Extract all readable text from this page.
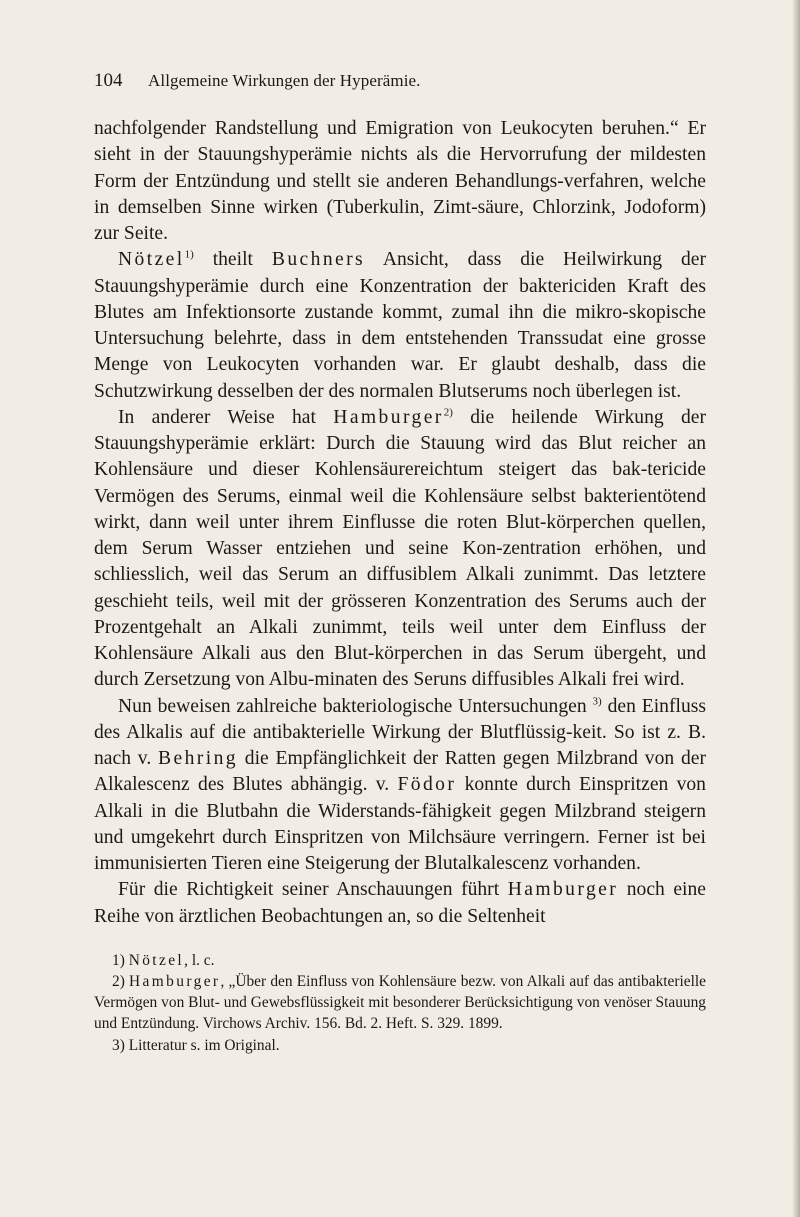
104	Allgemeine Wirkungen der Hyperämie.

nachfolgender Randstellung und Emigration von Leukocyten beruhen.“ Er sieht in der Stauungshyperämie nichts als die Hervorrufung der mildesten Form der Entzündung und stellt sie anderen Behandlungs-verfahren, welche in demselben Sinne wirken (Tuberkulin, Zimt-säure, Chlorzink, Jodoform) zur Seite.

Nötzel$^{1)}$ theilt Buchners Ansicht, dass die Heilwirkung der Stauungshyperämie durch eine Konzentration der baktericiden Kraft des Blutes am Infektionsorte zustande kommt, zumal ihn die mikro-skopische Untersuchung belehrte, dass in dem entstehenden Transsudat eine grosse Menge von Leukocyten vorhanden war. Er glaubt deshalb, dass die Schutzwirkung desselben der des normalen Blutserums noch überlegen ist.

In anderer Weise hat Hamburger$^{2)}$ die heilende Wirkung der Stauungshyperämie erklärt: Durch die Stauung wird das Blut reicher an Kohlensäure und dieser Kohlensäurereichtum steigert das bak-tericide Vermögen des Serums, einmal weil die Kohlensäure selbst bakterientötend wirkt, dann weil unter ihrem Einflusse die roten Blut-körperchen quellen, dem Serum Wasser entziehen und seine Kon-zentration erhöhen, und schliesslich, weil das Serum an diffusiblem Alkali zunimmt. Das letztere geschieht teils, weil mit der grösseren Konzentration des Serums auch der Prozentgehalt an Alkali zunimmt, teils weil unter dem Einfluss der Kohlensäure Alkali aus den Blut-körperchen in das Serum übergeht, und durch Zersetzung von Albu-minaten des Seruns diffusibles Alkali frei wird.

Nun beweisen zahlreiche bakteriologische Untersuchungen $^{3)}$ den Einfluss des Alkalis auf die antibakterielle Wirkung der Blutflüssig-keit. So ist z. B. nach v. Behring die Empfänglichkeit der Ratten gegen Milzbrand von der Alkalescenz des Blutes abhängig. v. Födor konnte durch Einspritzen von Alkali in die Blutbahn die Widerstands-fähigkeit gegen Milzbrand steigern und umgekehrt durch Einspritzen von Milchsäure verringern. Ferner ist bei immunisierten Tieren eine Steigerung der Blutalkalescenz vorhanden.

Für die Richtigkeit seiner Anschauungen führt Hamburger noch eine Reihe von ärztlichen Beobachtungen an, so die Seltenheit

1) Nötzel, l. c.

2) Hamburger, „Über den Einfluss von Kohlensäure bezw. von Alkali auf das antibakterielle Vermögen von Blut- und Gewebsflüssigkeit mit besonderer Berücksichtigung von venöser Stauung und Entzündung. Virchows Archiv. 156. Bd. 2. Heft. S. 329. 1899.

3) Litteratur s. im Original.
